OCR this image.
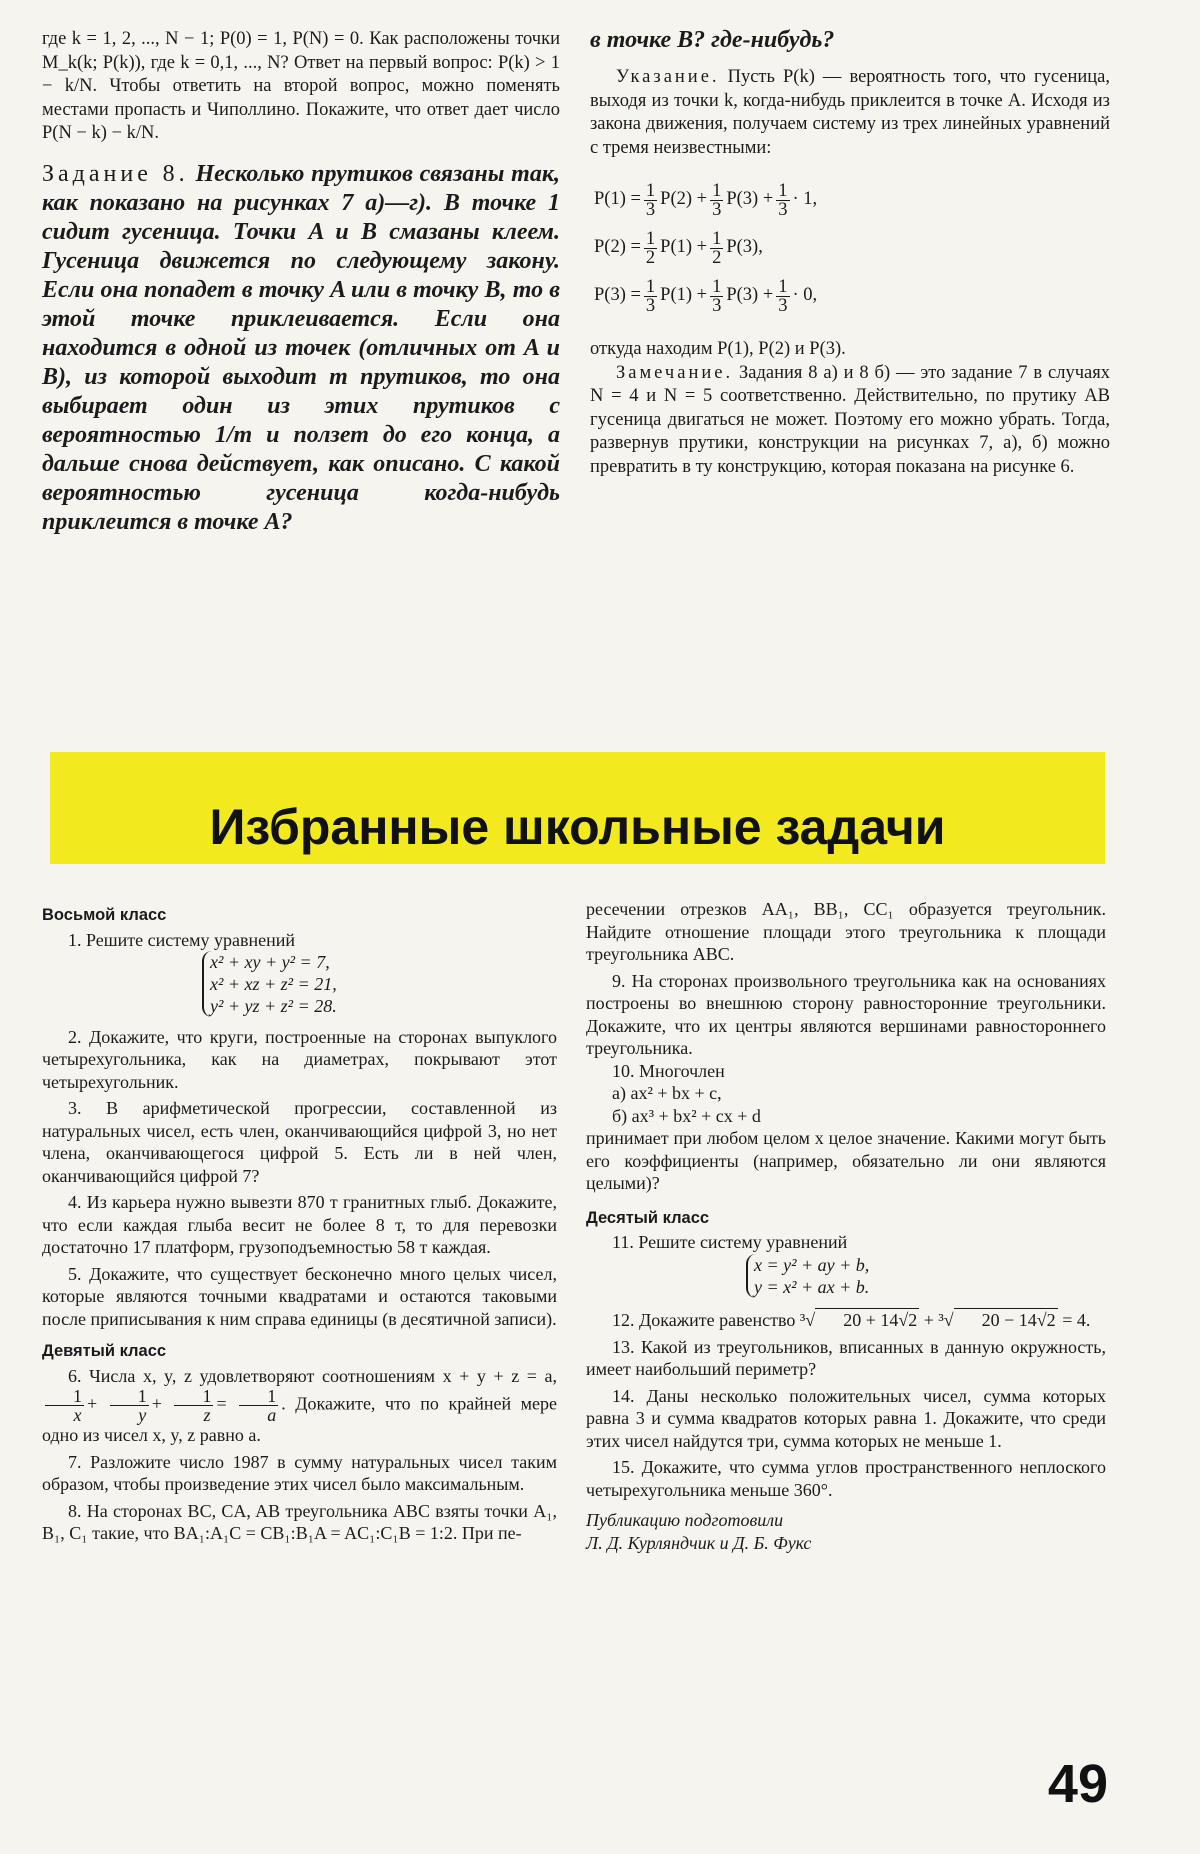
где k = 1, 2, ..., N − 1; P(0) = 1, P(N) = 0. Как расположены точки M_k(k; P(k)), где k = 0,1, ..., N? Ответ на первый вопрос: P(k) > 1 − k/N. Чтобы ответить на второй вопрос, можно поменять местами пропасть и Чиполлино. Покажите, что ответ дает число P(N − k) − k/N.

Задание 8. Несколько прутиков связаны так, как показано на рисунках 7 а)—г). В точке 1 сидит гусеница. Точки A и B смазаны клеем. Гусеница движется по следующему закону. Если она попадет в точку A или в точку B, то в этой точке приклеивается. Если она находится в одной из точек (отличных от A и B), из которой выходит m прутиков, то она выбирает один из этих прутиков с вероятностью 1/m и ползет до его конца, а дальше снова действует, как описано. С какой вероятностью гусеница когда-нибудь приклеится в точке A?

в точке B? где-нибудь?

Указание. Пусть P(k) — вероятность того, что гусеница, выходя из точки k, когда-нибудь приклеится в точке A. Исходя из закона движения, получаем системy из трех линейных уравнений с тремя неизвестными:

$P(1) = \frac{1}{3} P(2) + \frac{1}{3} P(3) + \frac{1}{3} \cdot 1$,
$P(2) = \frac{1}{2} P(1) + \frac{1}{2} P(3)$,
$P(3) = \frac{1}{3} P(1) + \frac{1}{3} P(3) + \frac{1}{3} \cdot 0$,

откуда находим P(1), P(2) и P(3).

Замечание. Задания 8 а) и 8 б) — это задание 7 в случаях N = 4 и N = 5 соответственно. Действительно, по прутику AB гусеница двигаться не может. Поэтому его можно убрать. Тогда, развернув прутики, конструкции на рисунках 7, а), б) можно превратить в ту конструкцию, которая показана на рисунке 6.

Избранные школьные задачи
Восьмой класс

1. Решите систему уравнений

x² + xy + y² = 7,
x² + xz + z² = 21,
y² + yz + z² = 28.

2. Докажите, что круги, построенные на сторонах выпуклого четырехугольника, как на диаметрах, покрывают этот четырехугольник.

3. В арифметической прогрессии, составленной из натуральных чисел, есть член, оканчивающийся цифрой 3, но нет члена, оканчивающегося цифрой 5. Есть ли в ней член, оканчивающийся цифрой 7?

4. Из карьера нужно вывезти 870 т гранитных глыб. Докажите, что если каждая глыба весит не более 8 т, то для перевозки достаточно 17 платформ, грузоподъемностью 58 т каждая.

5. Докажите, что существует бесконечно много целых чисел, которые являются точными квадратами и остаются таковыми после приписывания к ним справа единицы (в десятичной записи).

Девятый класс

6. Числа x, y, z удовлетворяют соотношениям x + y + z = a,
$\frac{1}{x} + \frac{1}{y} + \frac{1}{z} = \frac{1}{a}$ . Докажите, что по крайней мере одно из чисел x, y, z равно a.

7. Разложите число 1987 в сумму натуральных чисел таким образом, чтобы произведение этих чисел было максимальным.

8. На сторонах BC, CA, AB треугольника ABC взяты точки A₁, B₁, C₁ такие, что BA₁:A₁C = CB₁:B₁A = AC₁:C₁B = 1:2. При пе-

ресечении отрезков AA₁, BB₁, CC₁ образуется треугольник. Найдите отношение площади этого треугольника к площади треугольника ABC.

9. На сторонах произвольного треугольника как на основаниях построены во внешнюю сторону равносторонние треугольники. Докажите, что их центры являются вершинами равностороннего треугольника.

10. Многочлен

а) ax² + bx + c,

б) ax³ + bx² + cx + d

принимает при любом целом x целое значение. Какими могут быть его коэффициенты (например, обязательно ли они являются целыми)?

Десятый класс

11. Решите систему уравнений

x = y² + ay + b,
y = x² + ax + b.

12. Докажите равенство ³√ 20 + 14√2 + ³√ 20 − 14√2 = 4.

13. Какой из треугольников, вписанных в данную окружность, имеет наибольший периметр?

14. Даны несколько положительных чисел, сумма которых равна 3 и сумма квадратов которых равна 1. Докажите, что среди этих чисел найдутся три, сумма которых не меньше 1.

15. Докажите, что сумма углов пространственного неплоского четырехугольника меньше 360°.

Публикацию подготовили

Л. Д. Курляндчик и Д. Б. Фукс

49
